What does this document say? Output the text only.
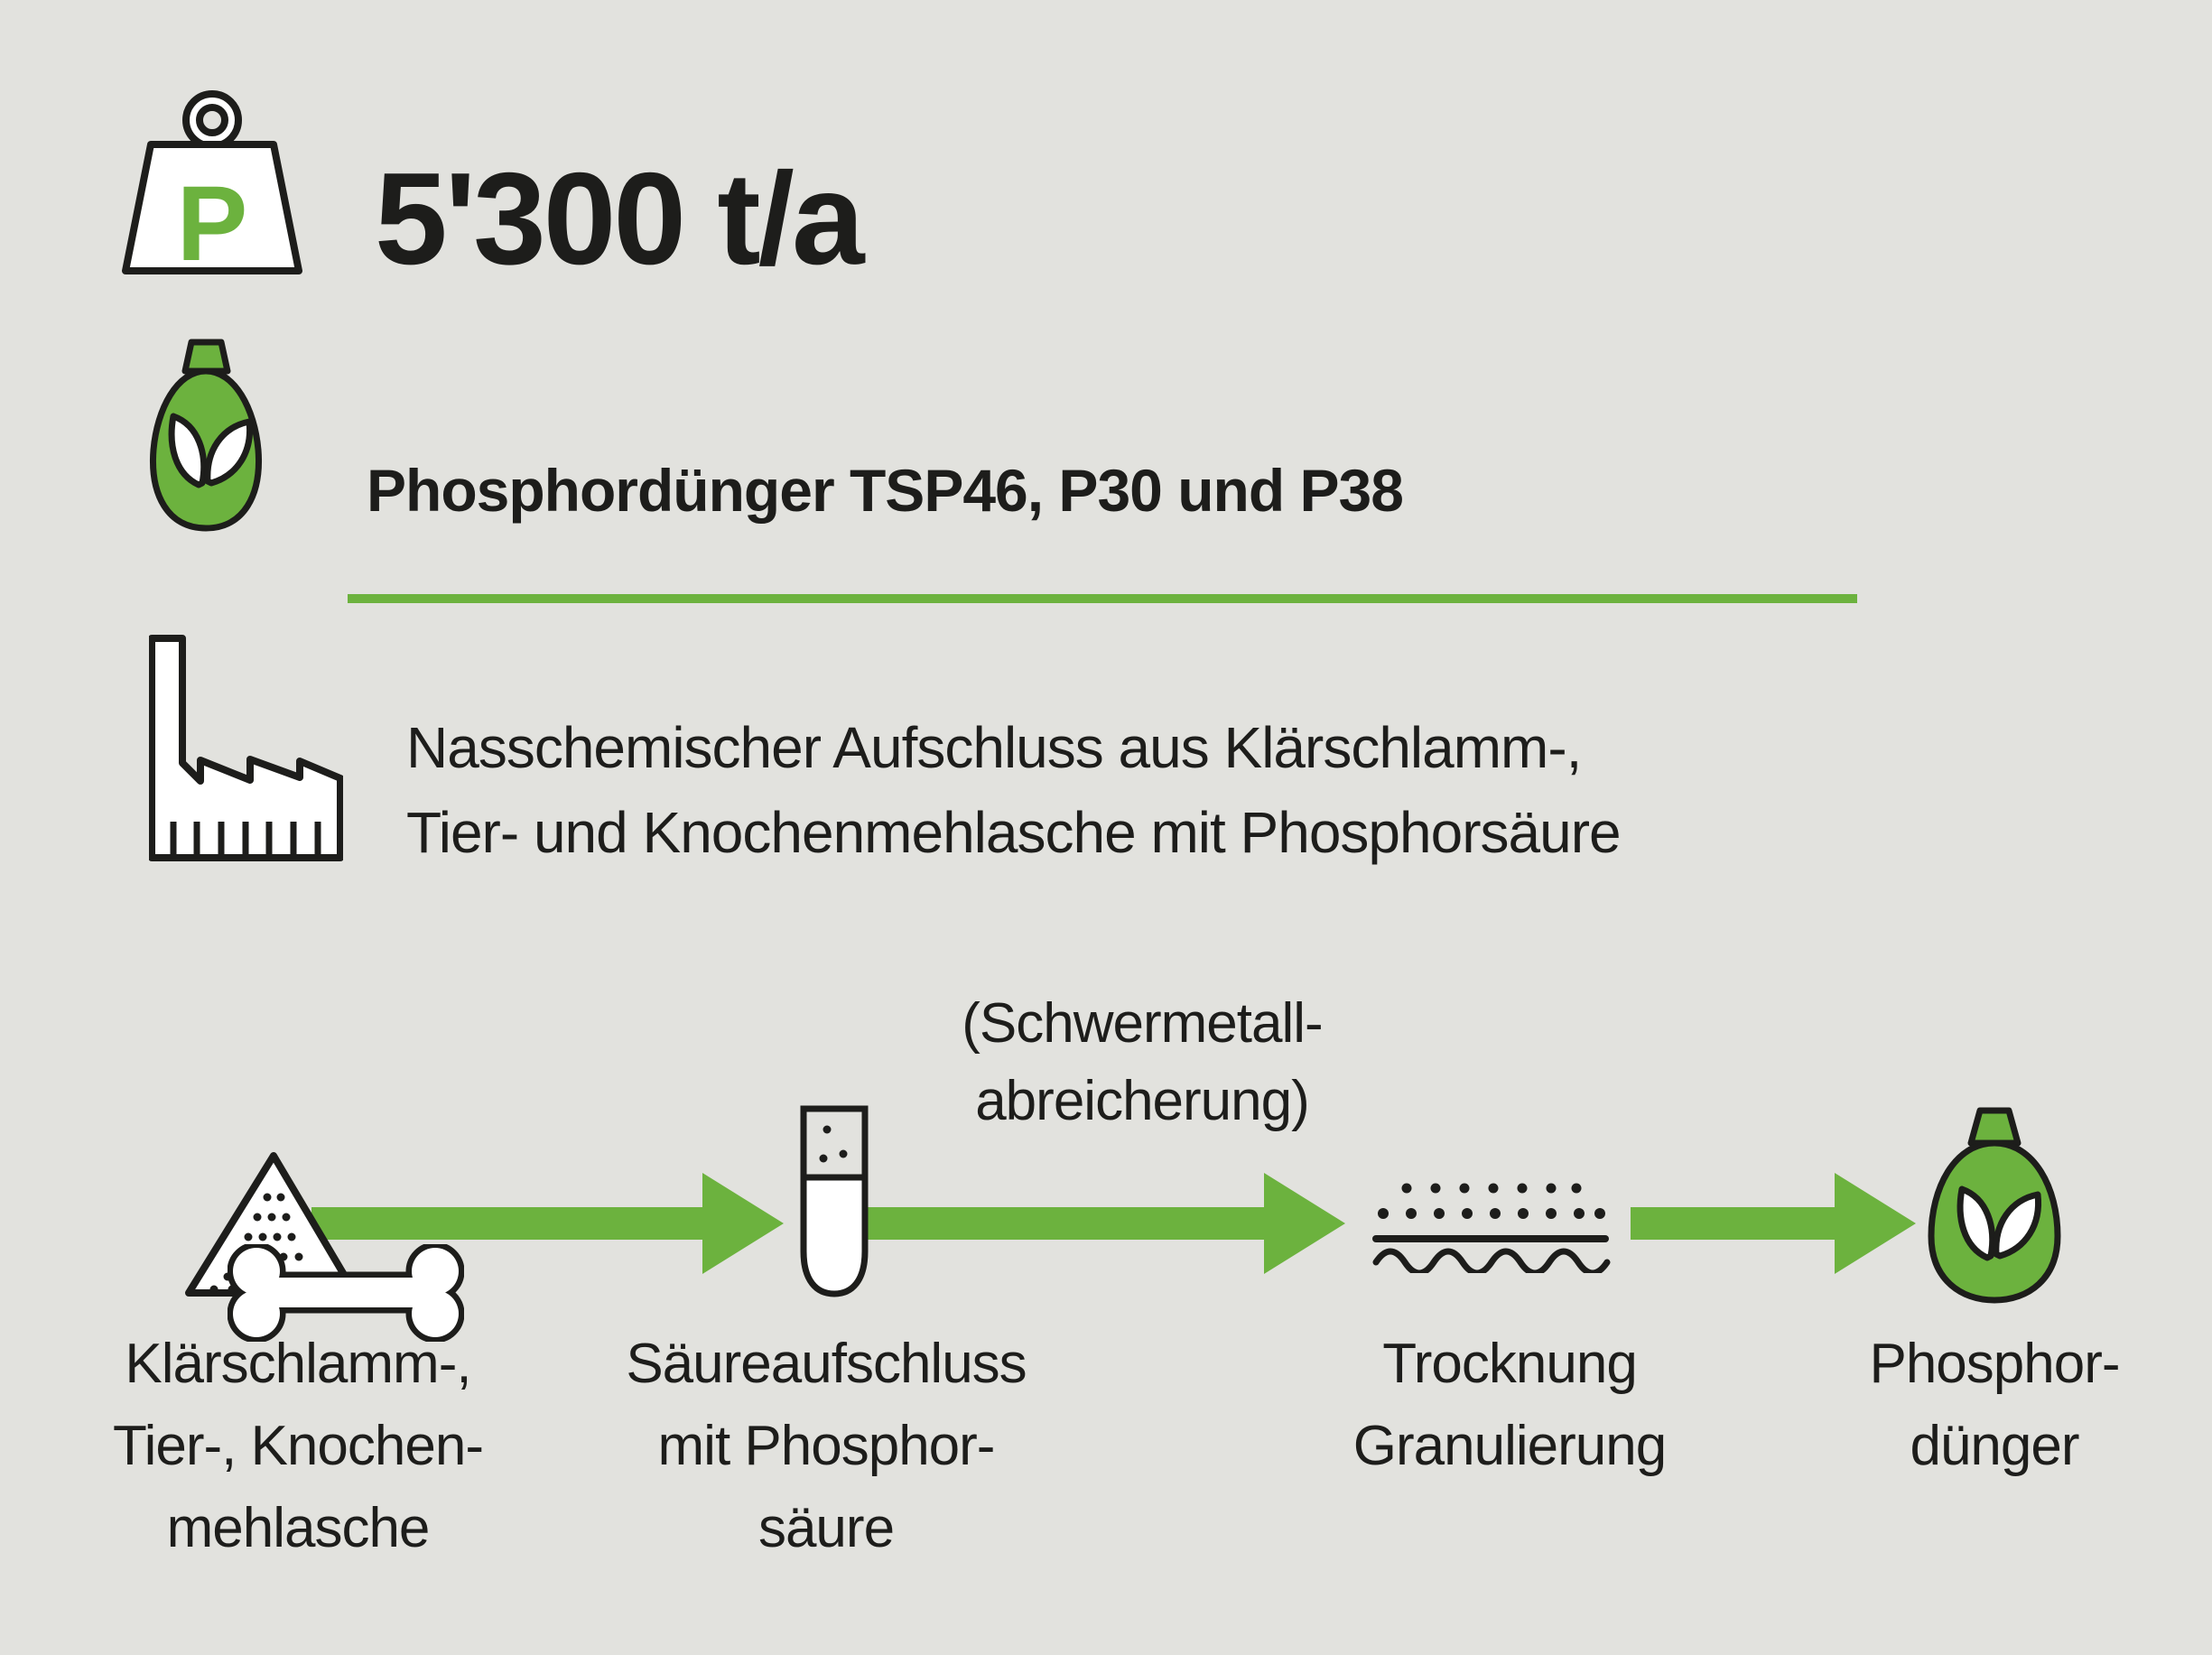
P 5'300 t/a
Phosphordünger TSP46, P30 und P38
Nasschemischer Aufschluss aus Klärschlamm-,
Tier- und Knochenmehlasche mit Phosphorsäure
(Schwermetall-
abreicherung)
Klärschlamm-,
Tier-, Knochen-
mehlasche
Säureaufschluss
mit Phosphor-
säure
Trocknung
Granulierung
Phosphor-
dünger
